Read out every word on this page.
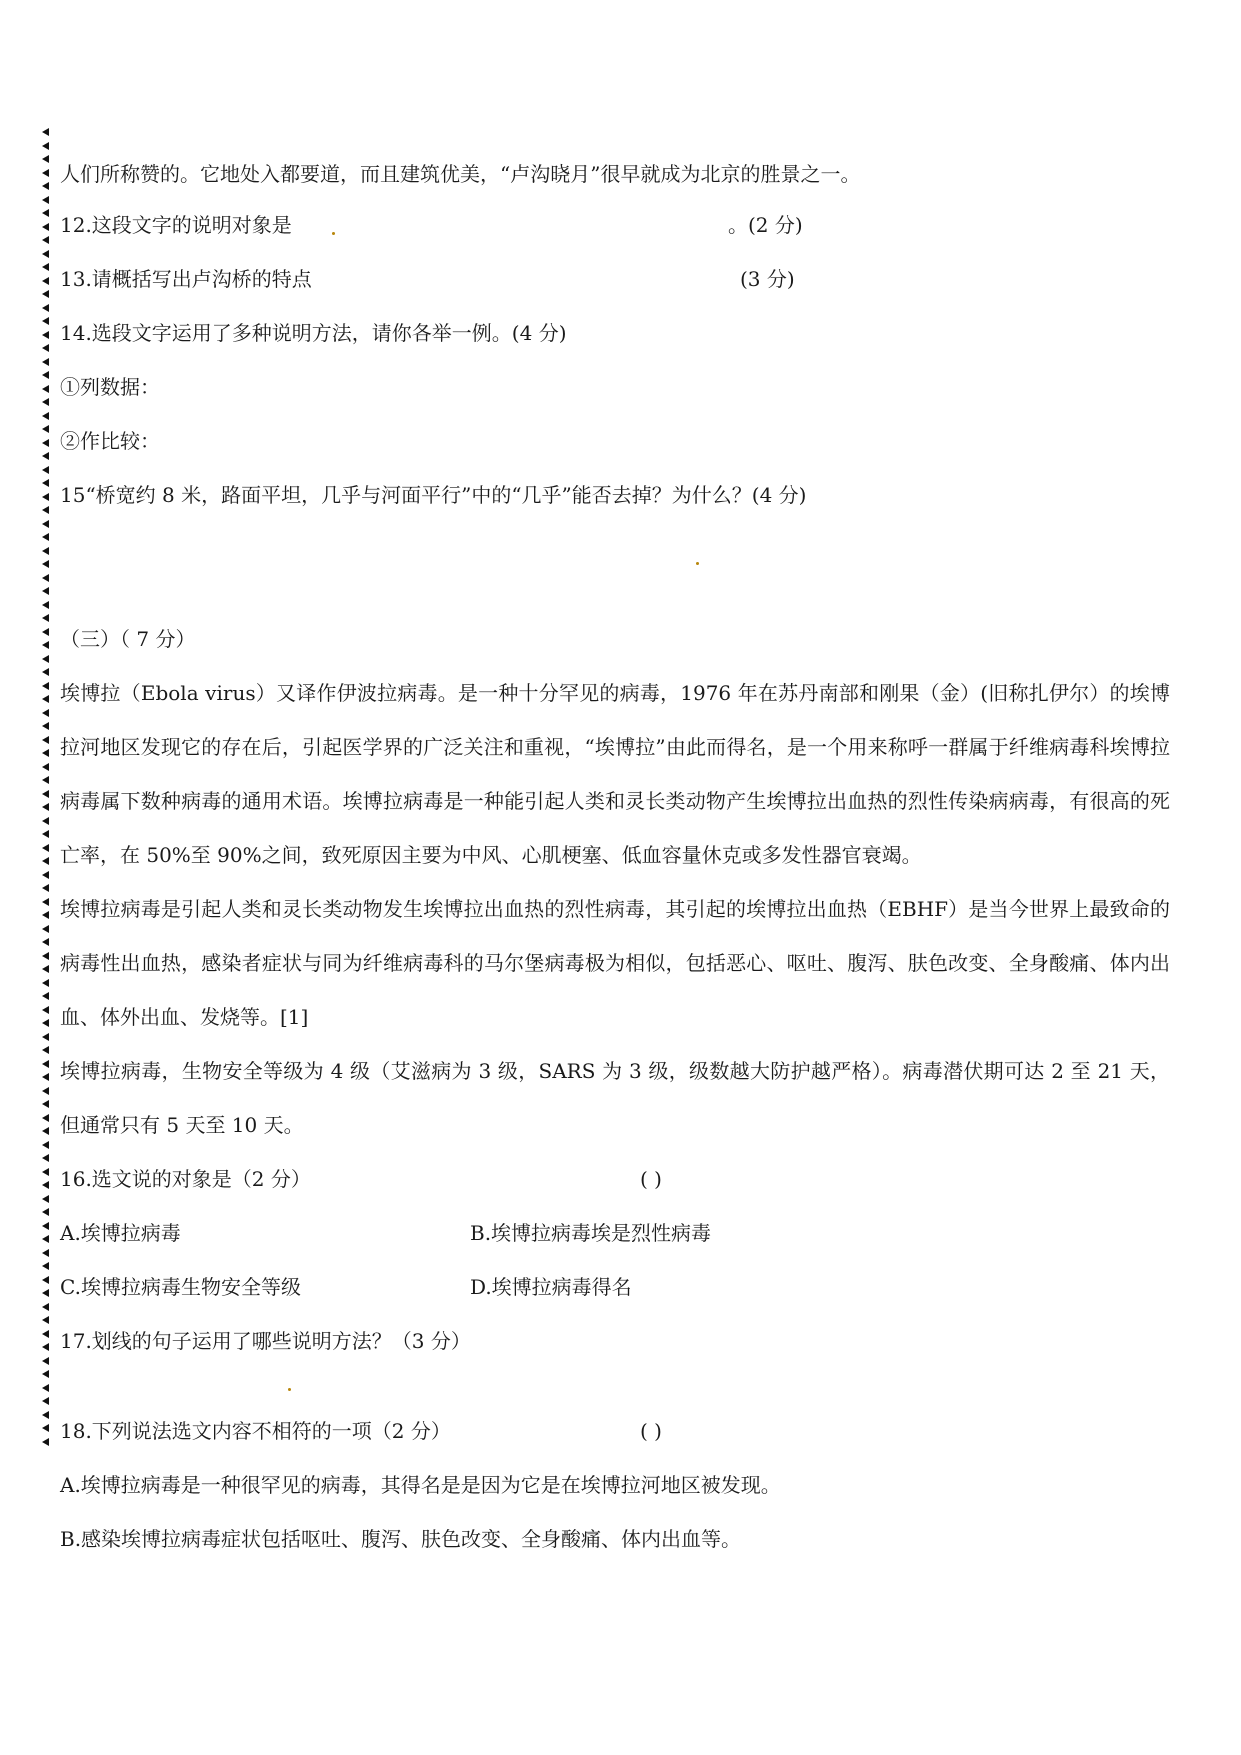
人们所称赞的。它地处入都要道，而且建筑优美，“卢沟晓月”很早就成为北京的胜景之一。
12.这段文字的说明对象是	。(2 分)
13.请概括写出卢沟桥的特点	(3 分)
14.选段文字运用了多种说明方法，请你各举一例。(4 分)
①列数据：
②作比较：
15“桥宽约 8 米，路面平坦，几乎与河面平行”中的“几乎”能否去掉？为什么？(4 分)
（三）（ 7 分）
埃博拉（Ebola virus）又译作伊波拉病毒。是一种十分罕见的病毒，1976 年在苏丹南部和刚果（金）(旧称扎伊尔）的埃博拉河地区发现它的存在后，引起医学界的广泛关注和重视，“埃博拉”由此而得名，是一个用来称呼一群属于纤维病毒科埃博拉病毒属下数种病毒的通用术语。埃博拉病毒是一种能引起人类和灵长类动物产生埃博拉出血热的烈性传染病病毒，有很高的死亡率，在 50%至 90%之间，致死原因主要为中风、心肌梗塞、低血容量休克或多发性器官衰竭。
埃博拉病毒是引起人类和灵长类动物发生埃博拉出血热的烈性病毒，其引起的埃博拉出血热（EBHF）是当今世界上最致命的病毒性出血热，感染者症状与同为纤维病毒科的马尔堡病毒极为相似，包括恶心、呕吐、腹泻、肤色改变、全身酸痛、体内出血、体外出血、发烧等。[1]
埃博拉病毒，生物安全等级为 4 级（艾滋病为 3 级，SARS 为 3 级，级数越大防护越严格）。病毒潜伏期可达 2 至 21 天，但通常只有 5 天至 10 天。
16.选文说的对象是（2 分）	( )
A.埃博拉病毒	B.埃博拉病毒埃是烈性病毒
C.埃博拉病毒生物安全等级	D.埃博拉病毒得名
17.划线的句子运用了哪些说明方法？（3 分）
18.下列说法选文内容不相符的一项（2 分）	( )
A.埃博拉病毒是一种很罕见的病毒，其得名是是因为它是在埃博拉河地区被发现。
B.感染埃博拉病毒症状包括呕吐、腹泻、肤色改变、全身酸痛、体内出血等。
